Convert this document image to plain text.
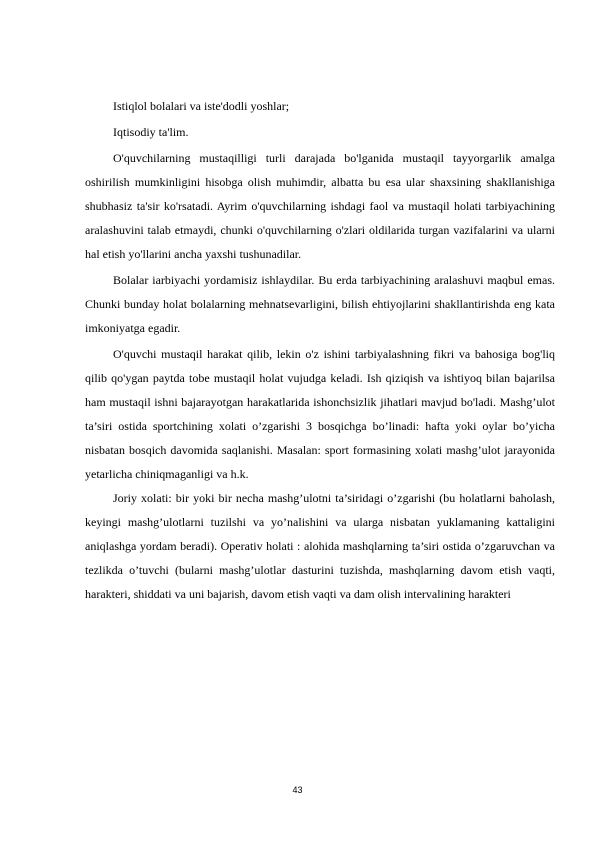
Istiqlol bolalari va iste'dodli yoshlar;

Iqtisodiy ta'lim.

O'quvchilarning mustaqilligi turli darajada bo'lganida mustaqil tayyorgarlik amalga oshirilish mumkinligini hisobga olish muhimdir, albatta bu esa ular shaxsining shakllanishiga shubhasiz ta'sir ko'rsatadi. Ayrim o'quvchilarning ishdagi faol va mustaqil holati tarbiyachining aralashuvini talab etmaydi, chunki o'quvchilarning o'zlari oldilarida turgan vazifalarini va ularni hal etish yo'llarini ancha yaxshi tushunadilar.

Bolalar iarbiyachi yordamisiz ishlaydilar. Bu erda tarbiyachining aralashuvi maqbul emas. Chunki bunday holat bolalarning mehnatsevarligini, bilish ehtiyojlarini shakllantirishda eng kata imkoniyatga egadir.

O'quvchi mustaqil harakat qilib, lekin o'z ishini tarbiyalashning fikri va bahosiga bog'liq qilib qo'ygan paytda tobe mustaqil holat vujudga keladi. Ish qiziqish va ishtiyoq bilan bajarilsa ham mustaqil ishni bajarayotgan harakatlarida ishonchsizlik jihatlari mavjud bo'ladi. Mashg’ulot ta’siri ostida sportchining xolati o’zgarishi 3 bosqichga bo’linadi: hafta yoki oylar bo’yicha nisbatan bosqich davomida saqlanishi. Masalan: sport formasining xolati mashg’ulot jarayonida yetarlicha chiniqmaganligi va h.k.

Joriy xolati: bir yoki bir necha mashg’ulotni ta’siridagi o’zgarishi (bu holatlarni baholash, keyingi mashg’ulotlarni tuzilshi va yo’nalishini va ularga nisbatan yuklamaning kattaligini aniqlashga yordam beradi). Operativ holati : alohida mashqlarning ta’siri ostida o’zgaruvchan va tezlikda o’tuvchi (bularni mashg’ulotlar dasturini tuzishda, mashqlarning davom etish vaqti, harakteri, shiddati va uni bajarish, davom etish vaqti va dam olish intervalining harakteri

43
